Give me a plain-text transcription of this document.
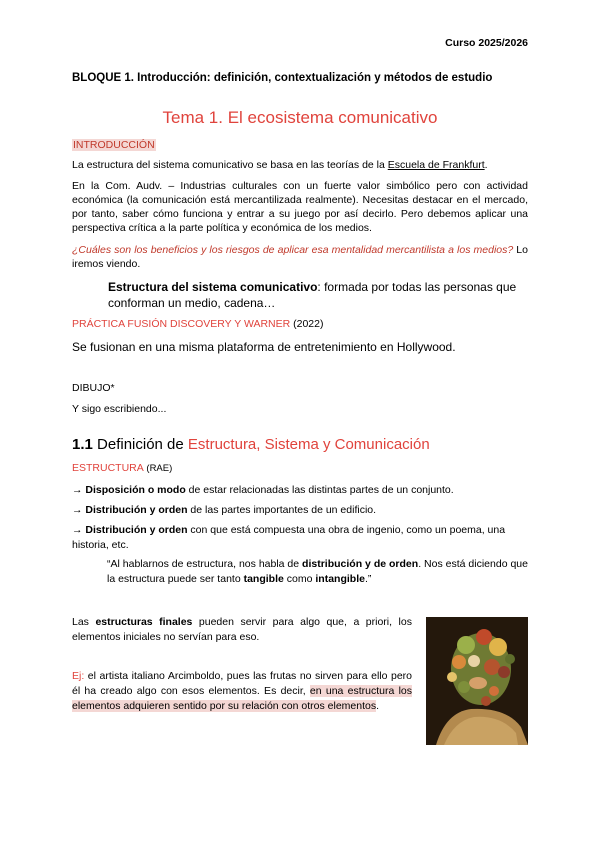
Curso 2025/2026
BLOQUE 1. Introducción: definición, contextualización y métodos de estudio
Tema 1. El ecosistema comunicativo
INTRODUCCIÓN
La estructura del sistema comunicativo se basa en las teorías de la Escuela de Frankfurt.
En la Com. Audv. – Industrias culturales con un fuerte valor simbólico pero con actividad económica (la comunicación está mercantilizada realmente). Necesitas destacar en el mercado, por tanto, saber cómo funciona y entrar a su juego por así decirlo. Pero debemos aplicar una perspectiva crítica a la parte política y económica de los medios.
¿Cuáles son los beneficios y los riesgos de aplicar esa mentalidad mercantilista a los medios? Lo iremos viendo.
Estructura del sistema comunicativo: formada por todas las personas que conforman un medio, cadena…
PRÁCTICA FUSIÓN DISCOVERY Y WARNER (2022)
Se fusionan en una misma plataforma de entretenimiento en Hollywood.
DIBUJO*
Y sigo escribiendo...
1.1 Definición de Estructura, Sistema y Comunicación
ESTRUCTURA (RAE)
→ Disposición o modo de estar relacionadas las distintas partes de un conjunto.
→ Distribución y orden de las partes importantes de un edificio.
→ Distribución y orden con que está compuesta una obra de ingenio, como un poema, una historia, etc.
“Al hablarnos de estructura, nos habla de distribución y de orden. Nos está diciendo que la estructura puede ser tanto tangible como intangible.”
Las estructuras finales pueden servir para algo que, a priori, los elementos iniciales no servían para eso.
Ej: el artista italiano Arcimboldo, pues las frutas no sirven para ello pero él ha creado algo con esos elementos. Es decir, en una estructura los elementos adquieren sentido por su relación con otros elementos.
